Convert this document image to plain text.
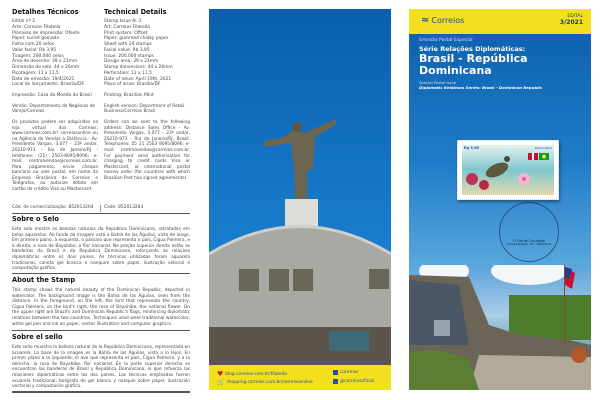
Detalhes Técnicos
Edital nº 3
Arte: Correios Filatelia
Processo de impressão: Ofsete
Papel: cuchê gomado
Folha com 20 selos
Valor facial: R$ 3,95
Tiragem: 200.000 selos
Área de desenho: 39 x 21mm
Dimensão do selo: 44 x 26mm
Picotagem: 11 x 11,5
Data de emissão: 19/4/2021
Local de lançamento: Brasília/DF
Impressão: Casa da Moeda do Brasil
Versão: Departamento de Negócios de Varejo/Correios
Os produtos podem ser adquiridos na loja virtual dos Correios: www.correios.com.br/ correiosonline ou na Agência de Vendas a Distância - Av. Presidente Vargas, 3.077 - 23º andar, 20210-973 - Rio de Janeiro/RJ - telefones: (21) 2503-8095/8096; e-mail: centralvendas@correios.com.br. Para pagamento, envie cheque bancário ou vale postal, em nome da Empresa Brasileira de Correios e Telégrafos, ou autorize débito em cartão de crédito Visa ou Mastercard.
Technical Details
Stamp Issue N. 3
Art: Correios Filatelia
Print system: Offset
Paper: gummed chalky paper
Sheet with 20 stamps
Facial value: R$ 3,95
Issue: 200,000 stamps
Design area: 39 x 21mm
Stamp dimensions: 44 x 26mm
Perforation: 11 x 11,5
Date of issue: April 19th, 2021
Place of issue: Brasília/DF
Printing: Brazilian Mint
English version: Department of Retail Business/Correios Brasil
Orders can be sent to the following address: Distance Sales Office - Av. Presidente Vargas, 3.077 - 23º andar, 20210-973 - Rio de Janeiro/RJ, Brazil. Telephones: 55 21 2503 8095/8096; e-mail: centralvendas@correios.com.br. For payment send authorisation for charging to credit cards Visa or Mastercard, or international postal money order (for countries with which Brazilian Post has signed agreements).
Cód. de comercialização: 852013264 Code: 852013264
Sobre o Selo
Este selo mostra as belezas naturais da República Dominicana, retratadas em belas aquarelas. Ao fundo da imagem está a Bahía de las Águilas, vista de longe. Em primeiro plano, à esquerda, o pássaro que representa o país, Cigua Palmera, e à direita, a rosa de Bayahibe, a flor nacional. Na porção superior direita estão as bandeiras do Brasil e da República Dominicana, reforçando as relações diplomáticas entre os dois países. As técnicas utilizadas foram aquarela tradicional, caneta gel branca e nanquim sobre papel, ilustração vetorial e computação gráfica.
About the Stamp
This stamp shows the natural beauty of the Dominican Republic, depicted in watercolor. The background image is the Bahía de las Águilas, seen from the distance. In the foreground, on the left, the bird that represents the country, Cigua Palmera, on the bird's right, the rose of Bayahibe, the national flower. On the upper right are Brazil's and Dominican Republic's flags, reinforcing diplomatic relations between the two countries. Techniques used were traditional watercolor, white gel pen and ink on paper, vector illustration and computer graphics.
Sobre el sello
Este sello muestra la belleza natural de la República Dominicana, representada en acuarela. La base de la imagen es la Bahía de las Águilas, vista a lo lejos. En primer plano a la izquierda, el ave que representa el país, Cigua Palmera, y a la derecha, la rosa de Bayahibe, flor nacional. En la parte superior derecha se encuentran las banderas de Brasil y República Dominicana, lo que refuerza las relaciones diplomáticas entre los dos países. Las técnicas empleadas fueron acuarela tradicional, bolígrafo de gel blanco y nanquín sobre papel, ilustración vectorial y computación gráfica.
♥ blog.correios.com.br/filatelia
🛒 shopping.correios.com.br/correiosonline
/correios
@correiosoficial
≈ Correios	EDITAL
3/2021
Emissão Postal Especial
Série Relações Diplomáticas:
Brasil - República
Dominicana
Special Postal Issue
Diplomatic Relations Series: Brazil - Dominican Republic
R$ 3,95	Brasil 2021
1º Dia de Circulação
Correios Brasília - DF - 19/04/2021
